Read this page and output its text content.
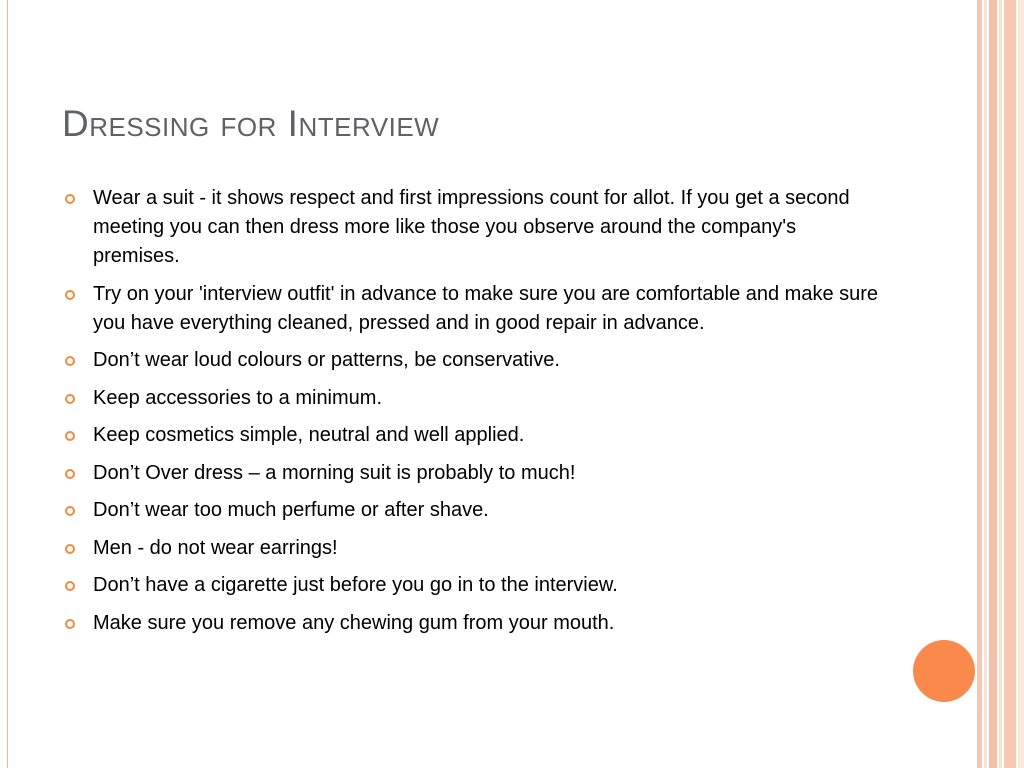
Dressing for Interview
Wear a suit - it shows respect and first impressions count for allot. If you get a second meeting you can then dress more like those you observe around the company's premises.
Try on your 'interview outfit' in advance to make sure you are comfortable and make sure you have everything cleaned, pressed and in good repair in advance.
Don’t wear loud colours or patterns, be conservative.
Keep accessories to a minimum.
Keep cosmetics simple, neutral and well applied.
Don’t Over dress – a morning suit is probably to much!
Don’t wear too much perfume or after shave.
Men - do not wear earrings!
Don’t have a cigarette just before you go in to the interview.
Make sure you remove any chewing gum from your mouth.
